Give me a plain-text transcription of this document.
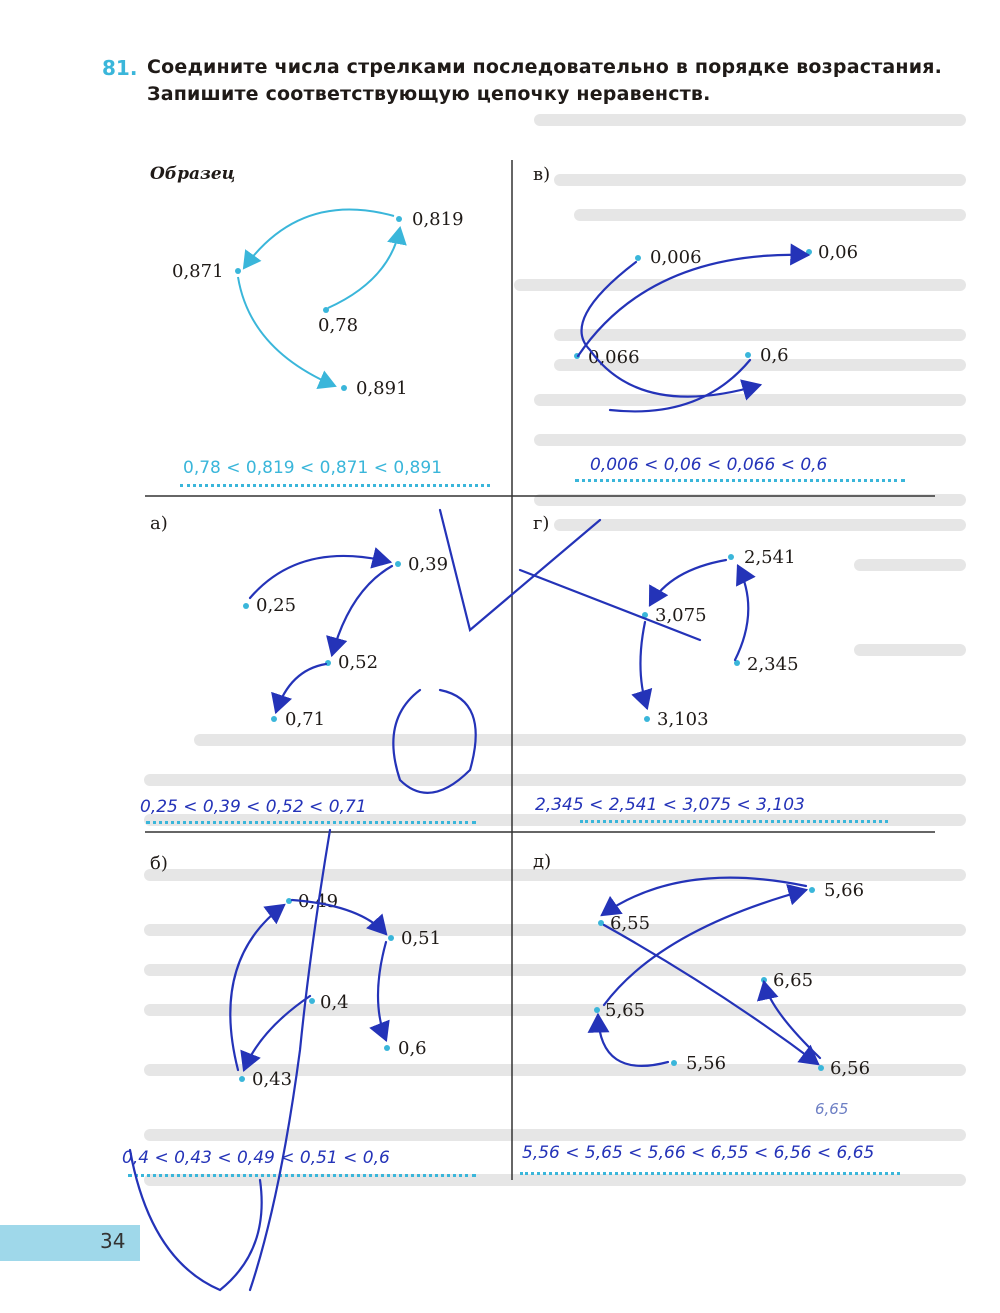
81. Соедините числа стрелками последовательно в порядке возрастания.
Запишите соответствующую цепочку неравенств.
Образец
0,819
0,871
0,78
0,891
0,78 < 0,819 < 0,871 < 0,891
а)
0,39
0,25
0,52
0,71
0,25 < 0,39 < 0,52 < 0,71
б)
0,49
0,51
0,4
0,6
0,43
0,4 < 0,43 < 0,49 < 0,51 < 0,6
в)
0,06
0,006
0,066	0,6
0,006 < 0,06 < 0,066 < 0,6
г)
2,541
3,075
2,345
3,103
2,345 < 2,541 < 3,075 < 3,103
д)
5,66
6,55
6,65
5,65
5,56	6,56
6,65
5,56 < 5,65 < 5,66 < 6,55 < 6,56 < 6,65
34
